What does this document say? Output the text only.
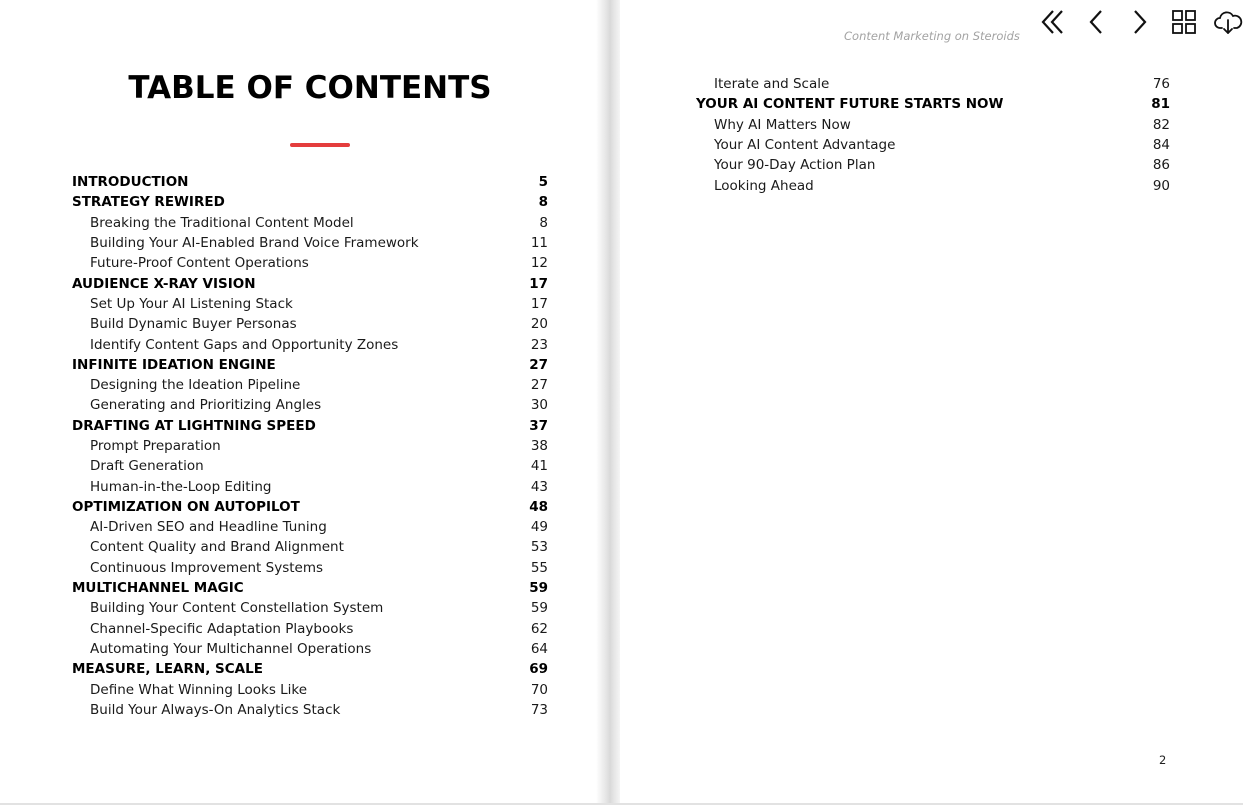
TABLE OF CONTENTS
INTRODUCTION	5
STRATEGY REWIRED	8
Breaking the Traditional Content Model	8
Building Your AI-Enabled Brand Voice Framework	11
Future-Proof Content Operations	12
AUDIENCE X-RAY VISION	17
Set Up Your AI Listening Stack	17
Build Dynamic Buyer Personas	20
Identify Content Gaps and Opportunity Zones	23
INFINITE IDEATION ENGINE	27
Designing the Ideation Pipeline	27
Generating and Prioritizing Angles	30
DRAFTING AT LIGHTNING SPEED	37
Prompt Preparation	38
Draft Generation	41
Human-in-the-Loop Editing	43
OPTIMIZATION ON AUTOPILOT	48
AI-Driven SEO and Headline Tuning	49
Content Quality and Brand Alignment	53
Continuous Improvement Systems	55
MULTICHANNEL MAGIC	59
Building Your Content Constellation System	59
Channel-Specific Adaptation Playbooks	62
Automating Your Multichannel Operations	64
MEASURE, LEARN, SCALE	69
Define What Winning Looks Like	70
Build Your Always-On Analytics Stack	73
Content Marketing on Steroids
Iterate and Scale	76
YOUR AI CONTENT FUTURE STARTS NOW	81
Why AI Matters Now	82
Your AI Content Advantage	84
Your 90-Day Action Plan	86
Looking Ahead	90
2
